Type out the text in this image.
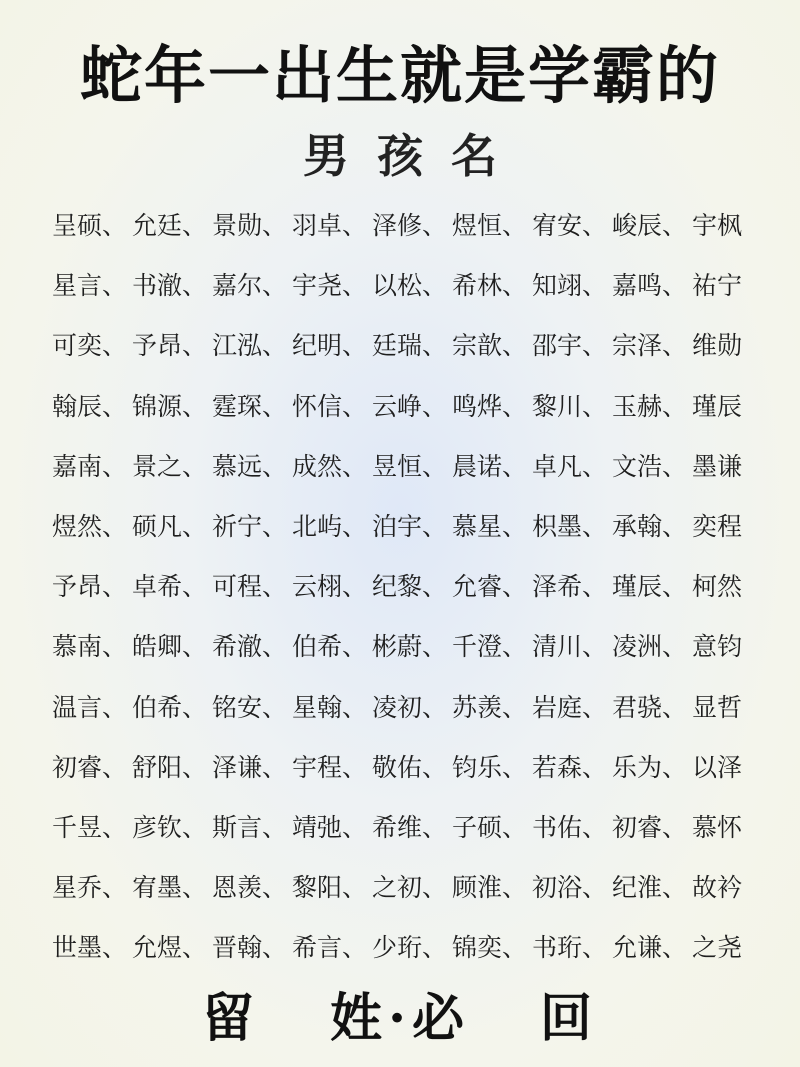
蛇年一出生就是学霸的
男孩名
呈硕、 允廷、 景勋、 羽卓、 泽修、 煜恒、 宥安、 峻辰、 宇枫
星言、 书澈、 嘉尔、 宇尧、 以松、 希林、 知翊、 嘉鸣、 祐宁
可奕、 予昂、 江泓、 纪明、 廷瑞、 宗歆、 邵宇、 宗泽、 维勋
翰辰、 锦源、 霆琛、 怀信、 云峥、 鸣烨、 黎川、 玉赫、 瑾辰
嘉南、 景之、 慕远、 成然、 昱恒、 晨诺、 卓凡、 文浩、 墨谦
煜然、 硕凡、 祈宁、 北屿、 泊宇、 慕星、 枳墨、 承翰、 奕程
予昂、 卓希、 可程、 云栩、 纪黎、 允睿、 泽希、 瑾辰、 柯然
慕南、 皓卿、 希澈、 伯希、 彬蔚、 千澄、 清川、 凌洲、 意钧
温言、 伯希、 铭安、 星翰、 凌初、 苏羡、 岩庭、 君骁、 显哲
初睿、 舒阳、 泽谦、 宇程、 敬佑、 钧乐、 若森、 乐为、 以泽
千昱、 彦钦、 斯言、 靖弛、 希维、 子硕、 书佑、 初睿、 慕怀
星乔、 宥墨、 恩羡、 黎阳、 之初、 顾淮、 初浴、 纪淮、 故衿
世墨、 允煜、 晋翰、 希言、 少珩、 锦奕、 书珩、 允谦、 之尧
留 姓·必 回
